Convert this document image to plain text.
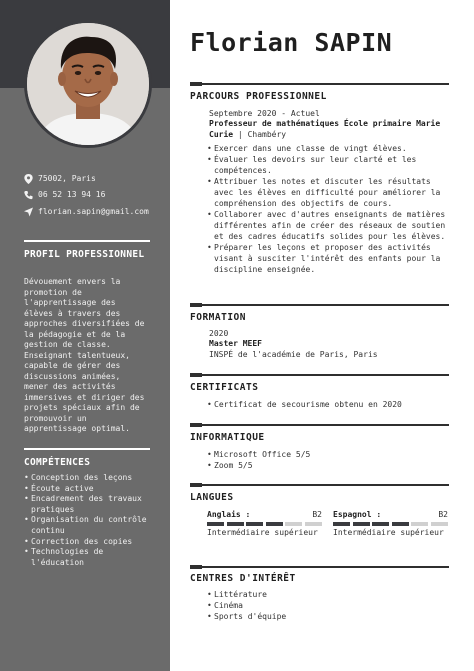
75002, Paris
06 52 13 94 16
florian.sapin@gmail.com
PROFIL PROFESSIONNEL

Dévouement envers la promotion de l'apprentissage des élèves à travers des approches diversifiées de la pédagogie et de la gestion de classe. Enseignant talentueux, capable de gérer des discussions animées, mener des activités immersives et diriger des projets spéciaux afin de promouvoir un apprentissage optimal.

COMPÉTENCES
• Conception des leçons
• Écoute active
• Encadrement des travaux pratiques
• Organisation du contrôle continu
• Correction des copies
• Technologies de l'éducation
Florian SAPIN
PARCOURS PROFESSIONNEL
Septembre 2020 - Actuel
Professeur de mathématiques École primaire Marie Curie | Chambéry
• Exercer dans une classe de vingt élèves.
• Évaluer les devoirs sur leur clarté et les compétences.
• Attribuer les notes et discuter les résultats avec les élèves en difficulté pour améliorer la compréhension des objectifs de cours.
• Collaborer avec d'autres enseignants de matières différentes afin de créer des réseaux de soutien et des cadres éducatifs solides pour les élèves.
• Préparer les leçons et proposer des activités visant à susciter l'intérêt des enfants pour la discipline enseignée.
FORMATION
2020
Master MEEF
INSPÉ de l'académie de Paris, Paris
CERTIFICATS
• Certificat de secourisme obtenu en 2020
INFORMATIQUE
• Microsoft Office 5/5
• Zoom 5/5
LANGUES
Anglais :	B2
Intermédiaire supérieur
Espagnol :	B2
Intermédiaire supérieur
CENTRES D'INTÉRÊT
• Littérature
• Cinéma
• Sports d'équipe
